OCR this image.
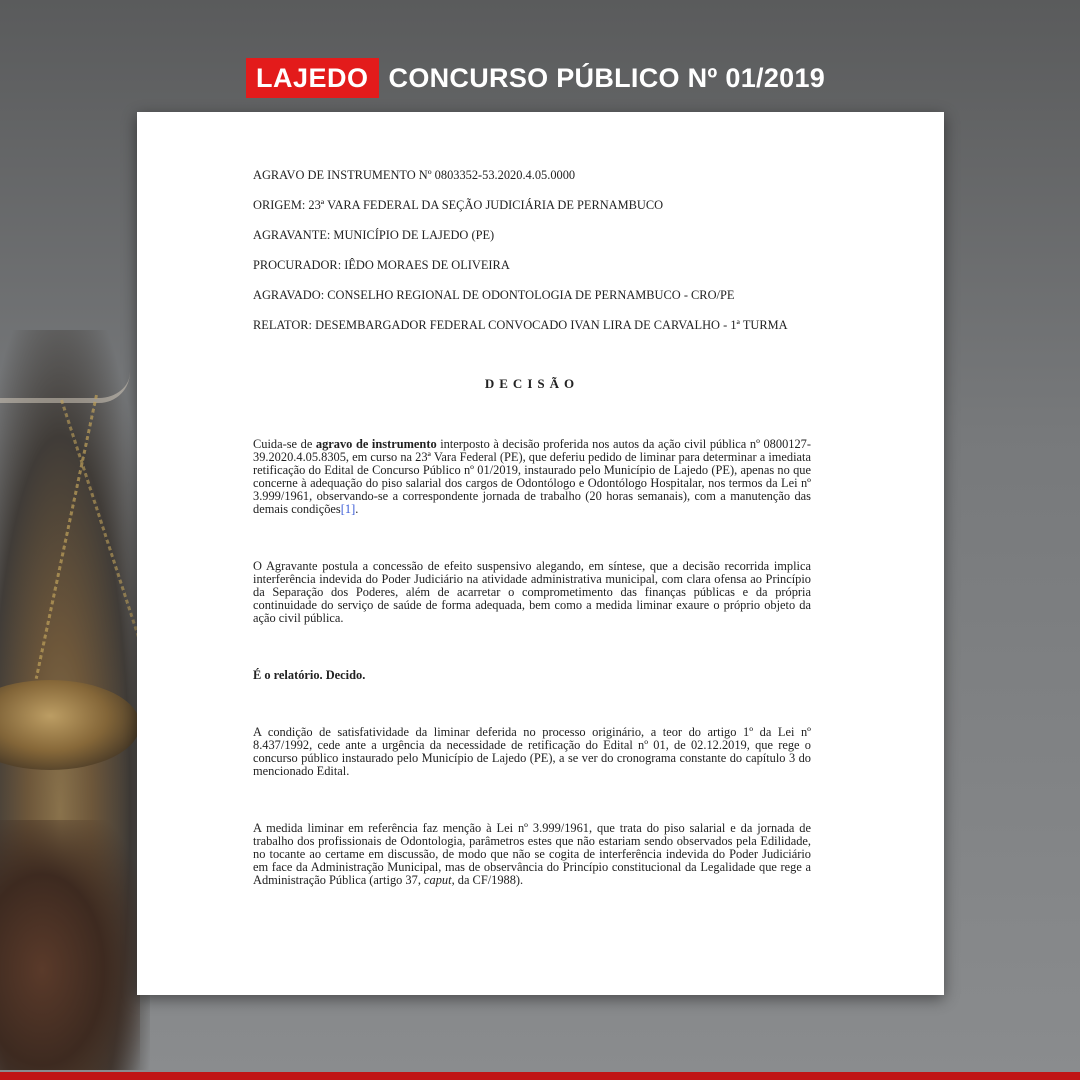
LAJEDO CONCURSO PÚBLICO Nº 01/2019

AGRAVO DE INSTRUMENTO Nº 0803352-53.2020.4.05.0000

ORIGEM: 23ª VARA FEDERAL DA SEÇÃO JUDICIÁRIA DE PERNAMBUCO

AGRAVANTE: MUNICÍPIO DE LAJEDO (PE)

PROCURADOR: IÊDO MORAES DE OLIVEIRA

AGRAVADO: CONSELHO REGIONAL DE ODONTOLOGIA DE PERNAMBUCO - CRO/PE

RELATOR: DESEMBARGADOR FEDERAL CONVOCADO IVAN LIRA DE CARVALHO - 1ª TURMA

DECISÃO

Cuida-se de agravo de instrumento interposto à decisão proferida nos autos da ação civil pública nº 0800127-39.2020.4.05.8305, em curso na 23ª Vara Federal (PE), que deferiu pedido de liminar para determinar a imediata retificação do Edital de Concurso Público nº 01/2019, instaurado pelo Município de Lajedo (PE), apenas no que concerne à adequação do piso salarial dos cargos de Odontólogo e Odontólogo Hospitalar, nos termos da Lei nº 3.999/1961, observando-se a correspondente jornada de trabalho (20 horas semanais), com a manutenção das demais condições[1].

O Agravante postula a concessão de efeito suspensivo alegando, em síntese, que a decisão recorrida implica interferência indevida do Poder Judiciário na atividade administrativa municipal, com clara ofensa ao Princípio da Separação dos Poderes, além de acarretar o comprometimento das finanças públicas e da própria continuidade do serviço de saúde de forma adequada, bem como a medida liminar exaure o próprio objeto da ação civil pública.

É o relatório. Decido.

A condição de satisfatividade da liminar deferida no processo originário, a teor do artigo 1º da Lei nº 8.437/1992, cede ante a urgência da necessidade de retificação do Edital nº 01, de 02.12.2019, que rege o concurso público instaurado pelo Município de Lajedo (PE), a se ver do cronograma constante do capítulo 3 do mencionado Edital.

A medida liminar em referência faz menção à Lei nº 3.999/1961, que trata do piso salarial e da jornada de trabalho dos profissionais de Odontologia, parâmetros estes que não estariam sendo observados pela Edilidade, no tocante ao certame em discussão, de modo que não se cogita de interferência indevida do Poder Judiciário em face da Administração Municipal, mas de observância do Princípio constitucional da Legalidade que rege a Administração Pública (artigo 37, caput, da CF/1988).
